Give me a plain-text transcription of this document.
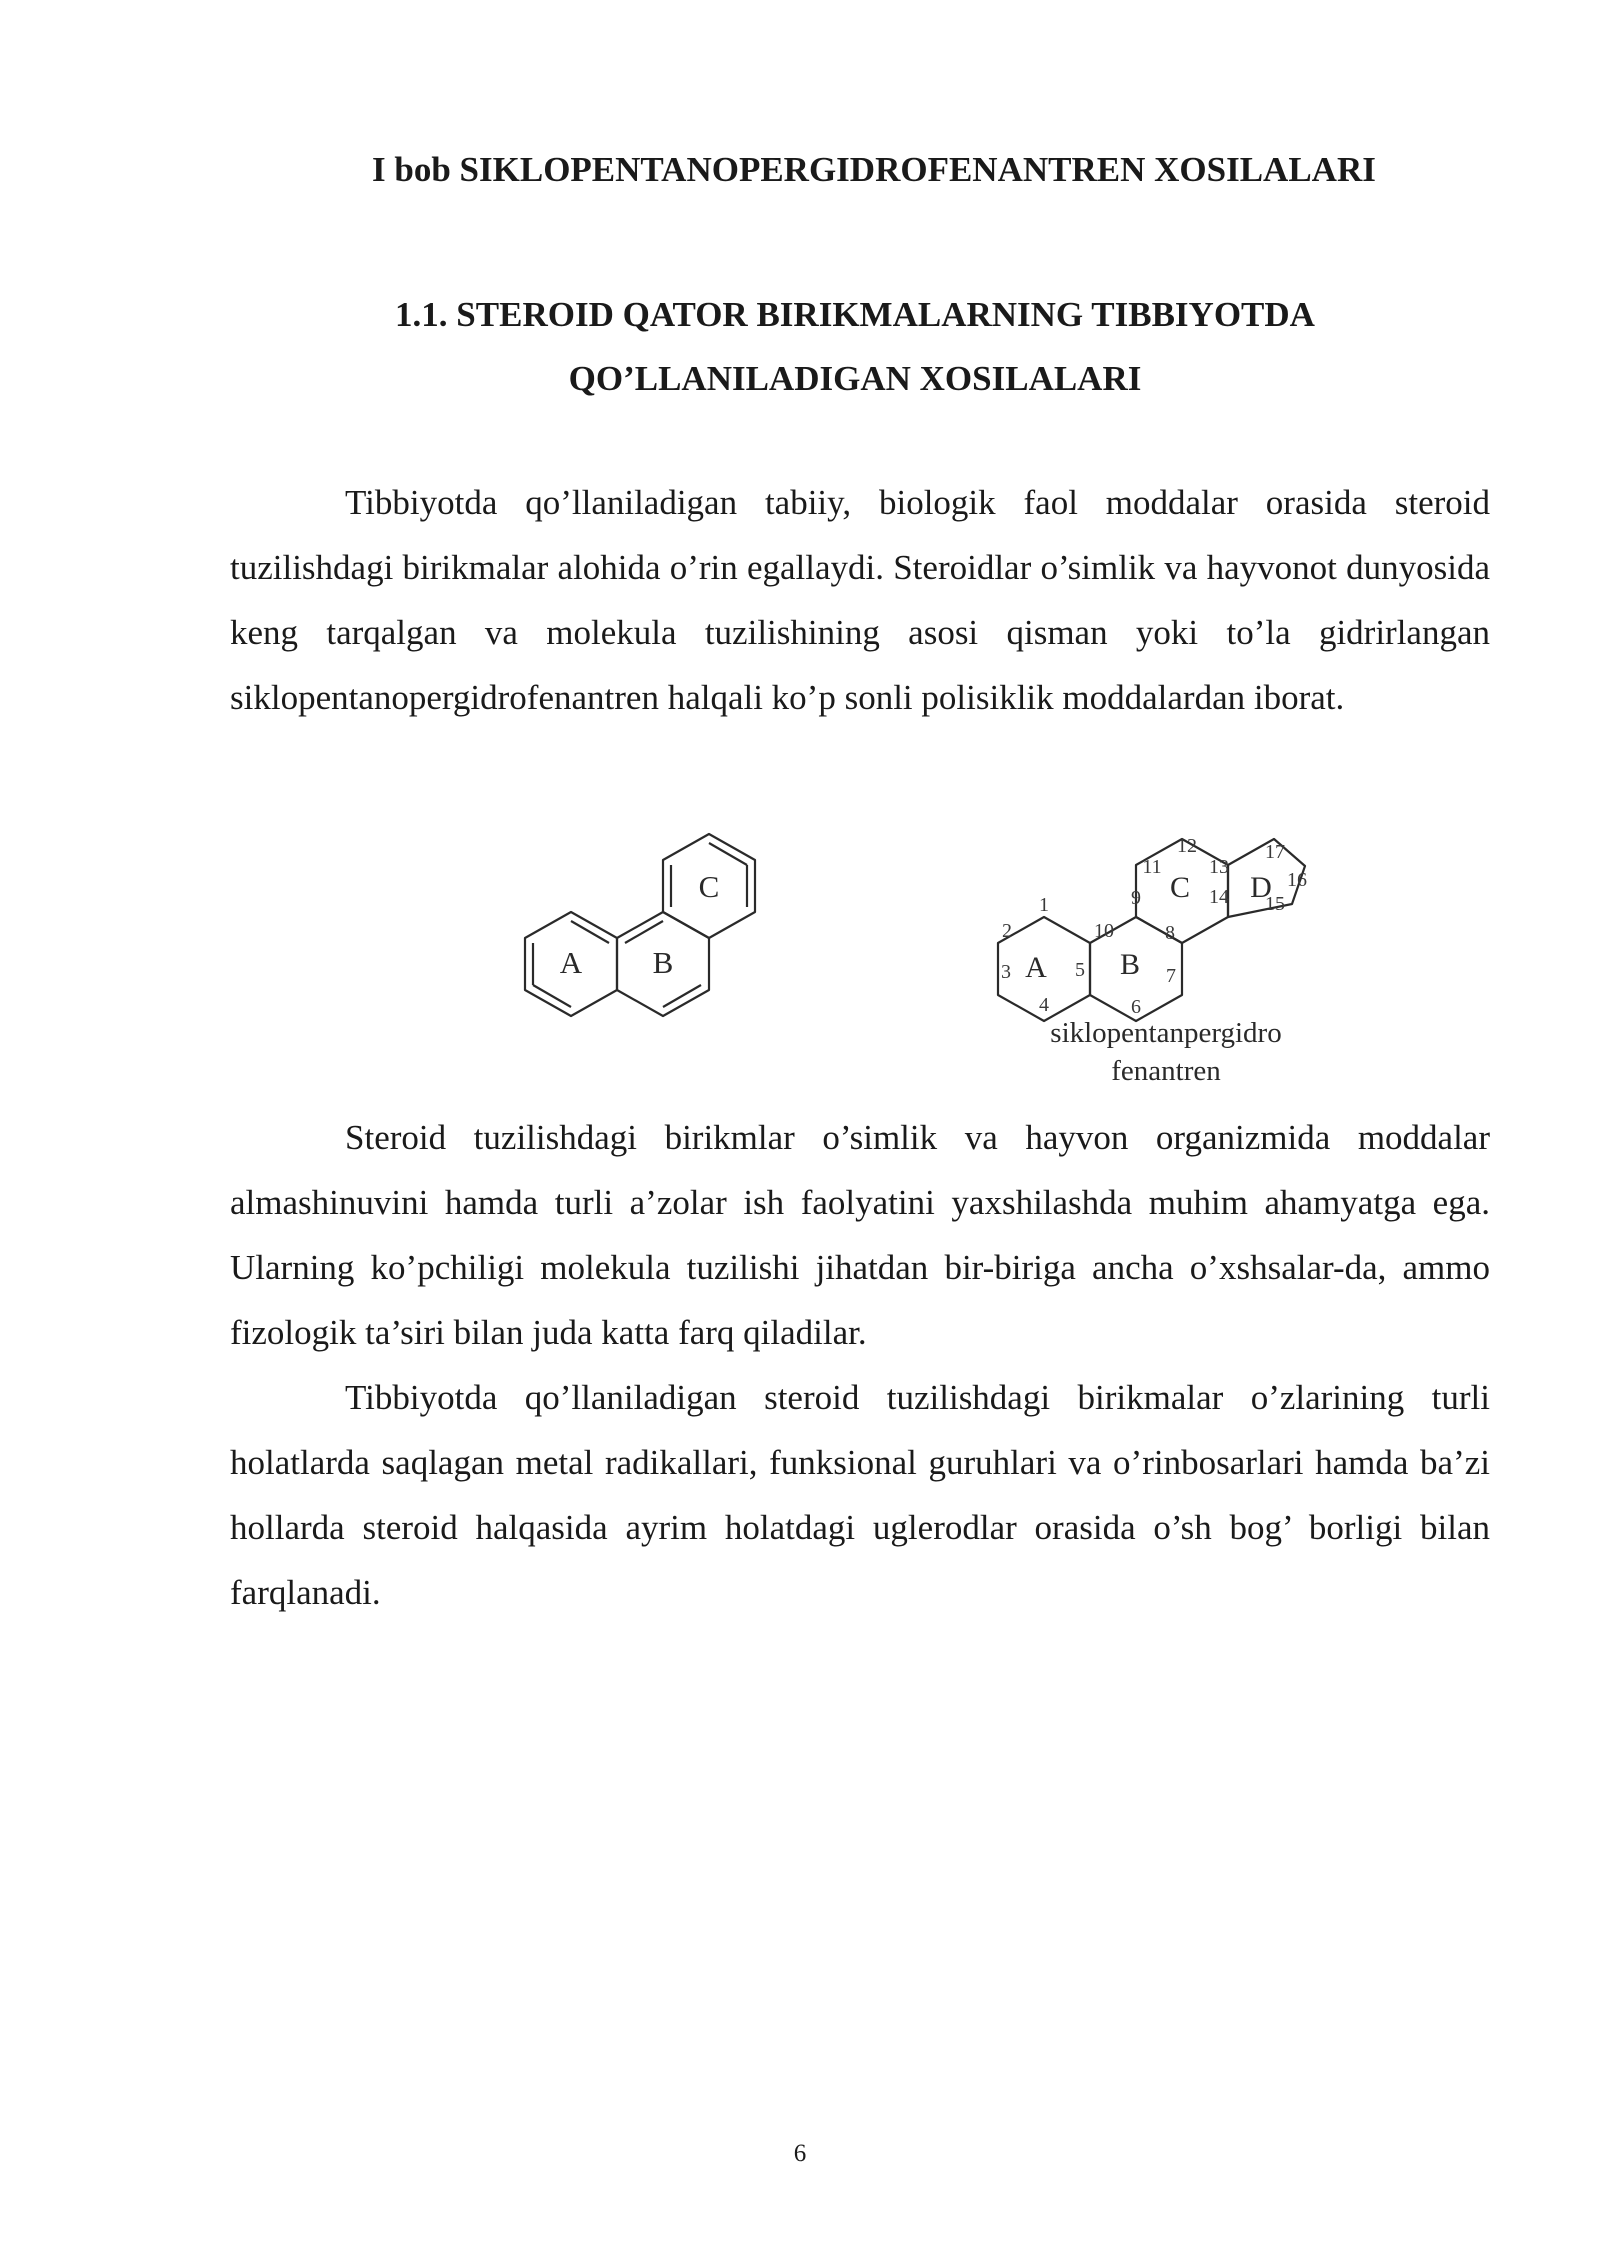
I bob SIKLOPENTANOPERGIDROFENANTREN XOSILALARI
1.1. STEROID QATOR BIRIKMALARNING TIBBIYOTDA
QO’LLANILADIGAN XOSILALARI

Tibbiyotda qo’llaniladigan tabiiy, biologik faol moddalar orasida steroid tuzilishdagi birikmalar alohida o’rin egallaydi. Steroidlar o’simlik va hayvonot dunyosida keng tarqalgan va molekula tuzilishining asosi qisman yoki to’la gidrirlangan siklopentanopergidrofenantren halqali ko’p sonli polisiklik moddalardan iborat.

A B
C
A B
C D
1
2
3
4
5
6
7
8
9
10
11
12
13
14 15
16
17
siklopentanpergidro
fenantren

Steroid tuzilishdagi birikmlar o’simlik va hayvon organizmida moddalar almashinuvini hamda turli a’zolar ish faolyatini yaxshilashda muhim ahamyatga ega. Ularning ko’pchiligi molekula tuzilishi jihatdan bir-biriga ancha o’xshsalar-da, ammo fizologik ta’siri bilan juda katta farq qiladilar.

Tibbiyotda qo’llaniladigan steroid tuzilishdagi birikmalar o’zlarining turli holatlarda saqlagan metal radikallari, funksional guruhlari va o’rinbosarlari hamda ba’zi hollarda steroid halqasida ayrim holatdagi uglerodlar orasida o’sh bog’ borligi bilan farqlanadi.

6
